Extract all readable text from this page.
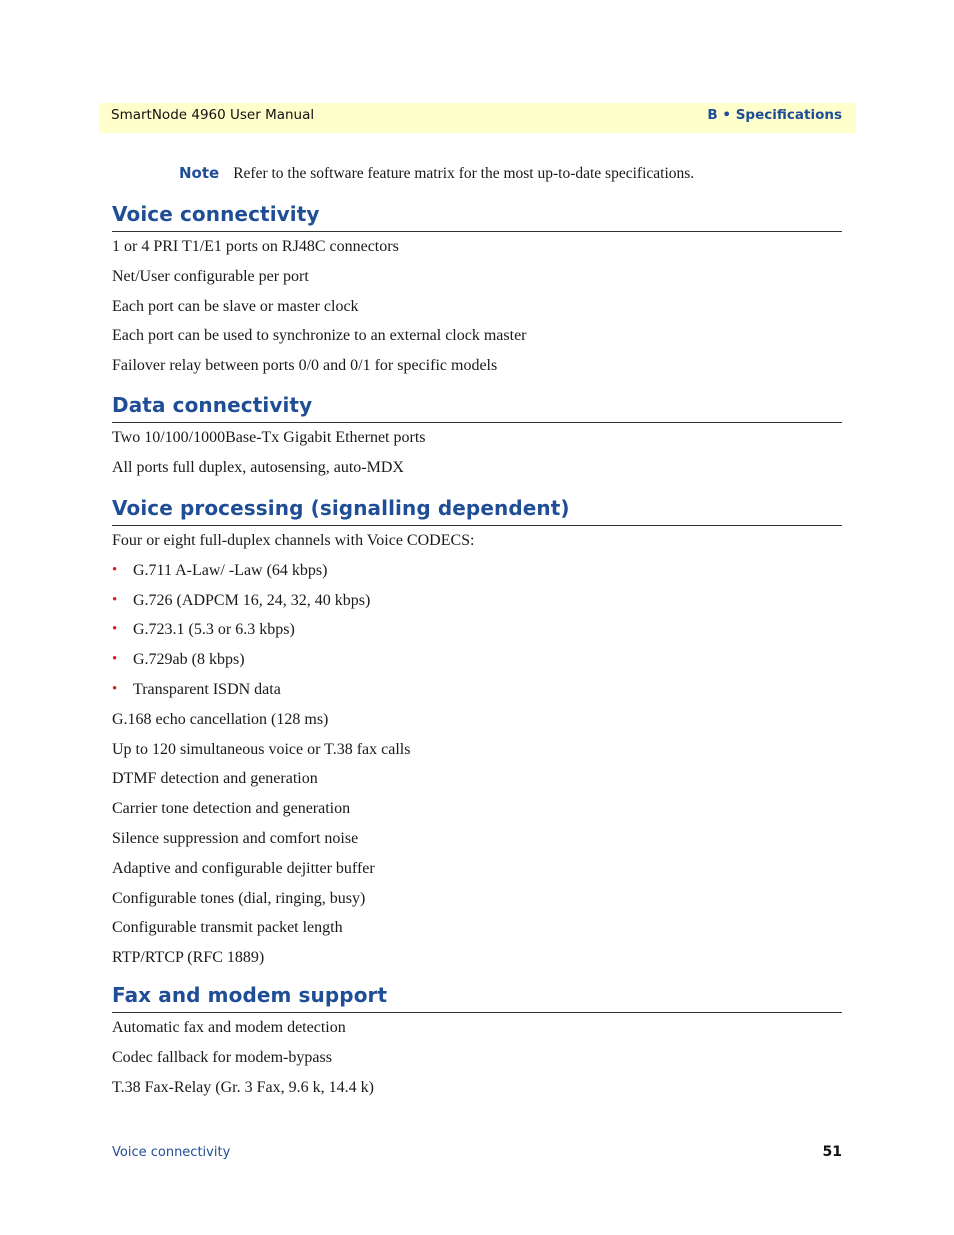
SmartNode 4960 User Manual	B • Specifications
Note Refer to the software feature matrix for the most up-to-date specifications.
Voice connectivity
1 or 4 PRI T1/E1 ports on RJ48C connectors
Net/User configurable per port
Each port can be slave or master clock
Each port can be used to synchronize to an external clock master
Failover relay between ports 0/0 and 0/1 for specific models
Data connectivity
Two 10/100/1000Base-Tx Gigabit Ethernet ports
All ports full duplex, autosensing, auto-MDX
Voice processing (signalling dependent)
Four or eight full-duplex channels with Voice CODECS:
• G.711 A-Law/ -Law (64 kbps)
• G.726 (ADPCM 16, 24, 32, 40 kbps)
• G.723.1 (5.3 or 6.3 kbps)
• G.729ab (8 kbps)
• Transparent ISDN data
G.168 echo cancellation (128 ms)
Up to 120 simultaneous voice or T.38 fax calls
DTMF detection and generation
Carrier tone detection and generation
Silence suppression and comfort noise
Adaptive and configurable dejitter buffer
Configurable tones (dial, ringing, busy)
Configurable transmit packet length
RTP/RTCP (RFC 1889)
Fax and modem support
Automatic fax and modem detection
Codec fallback for modem-bypass
T.38 Fax-Relay (Gr. 3 Fax, 9.6 k, 14.4 k)
Voice connectivity	51
